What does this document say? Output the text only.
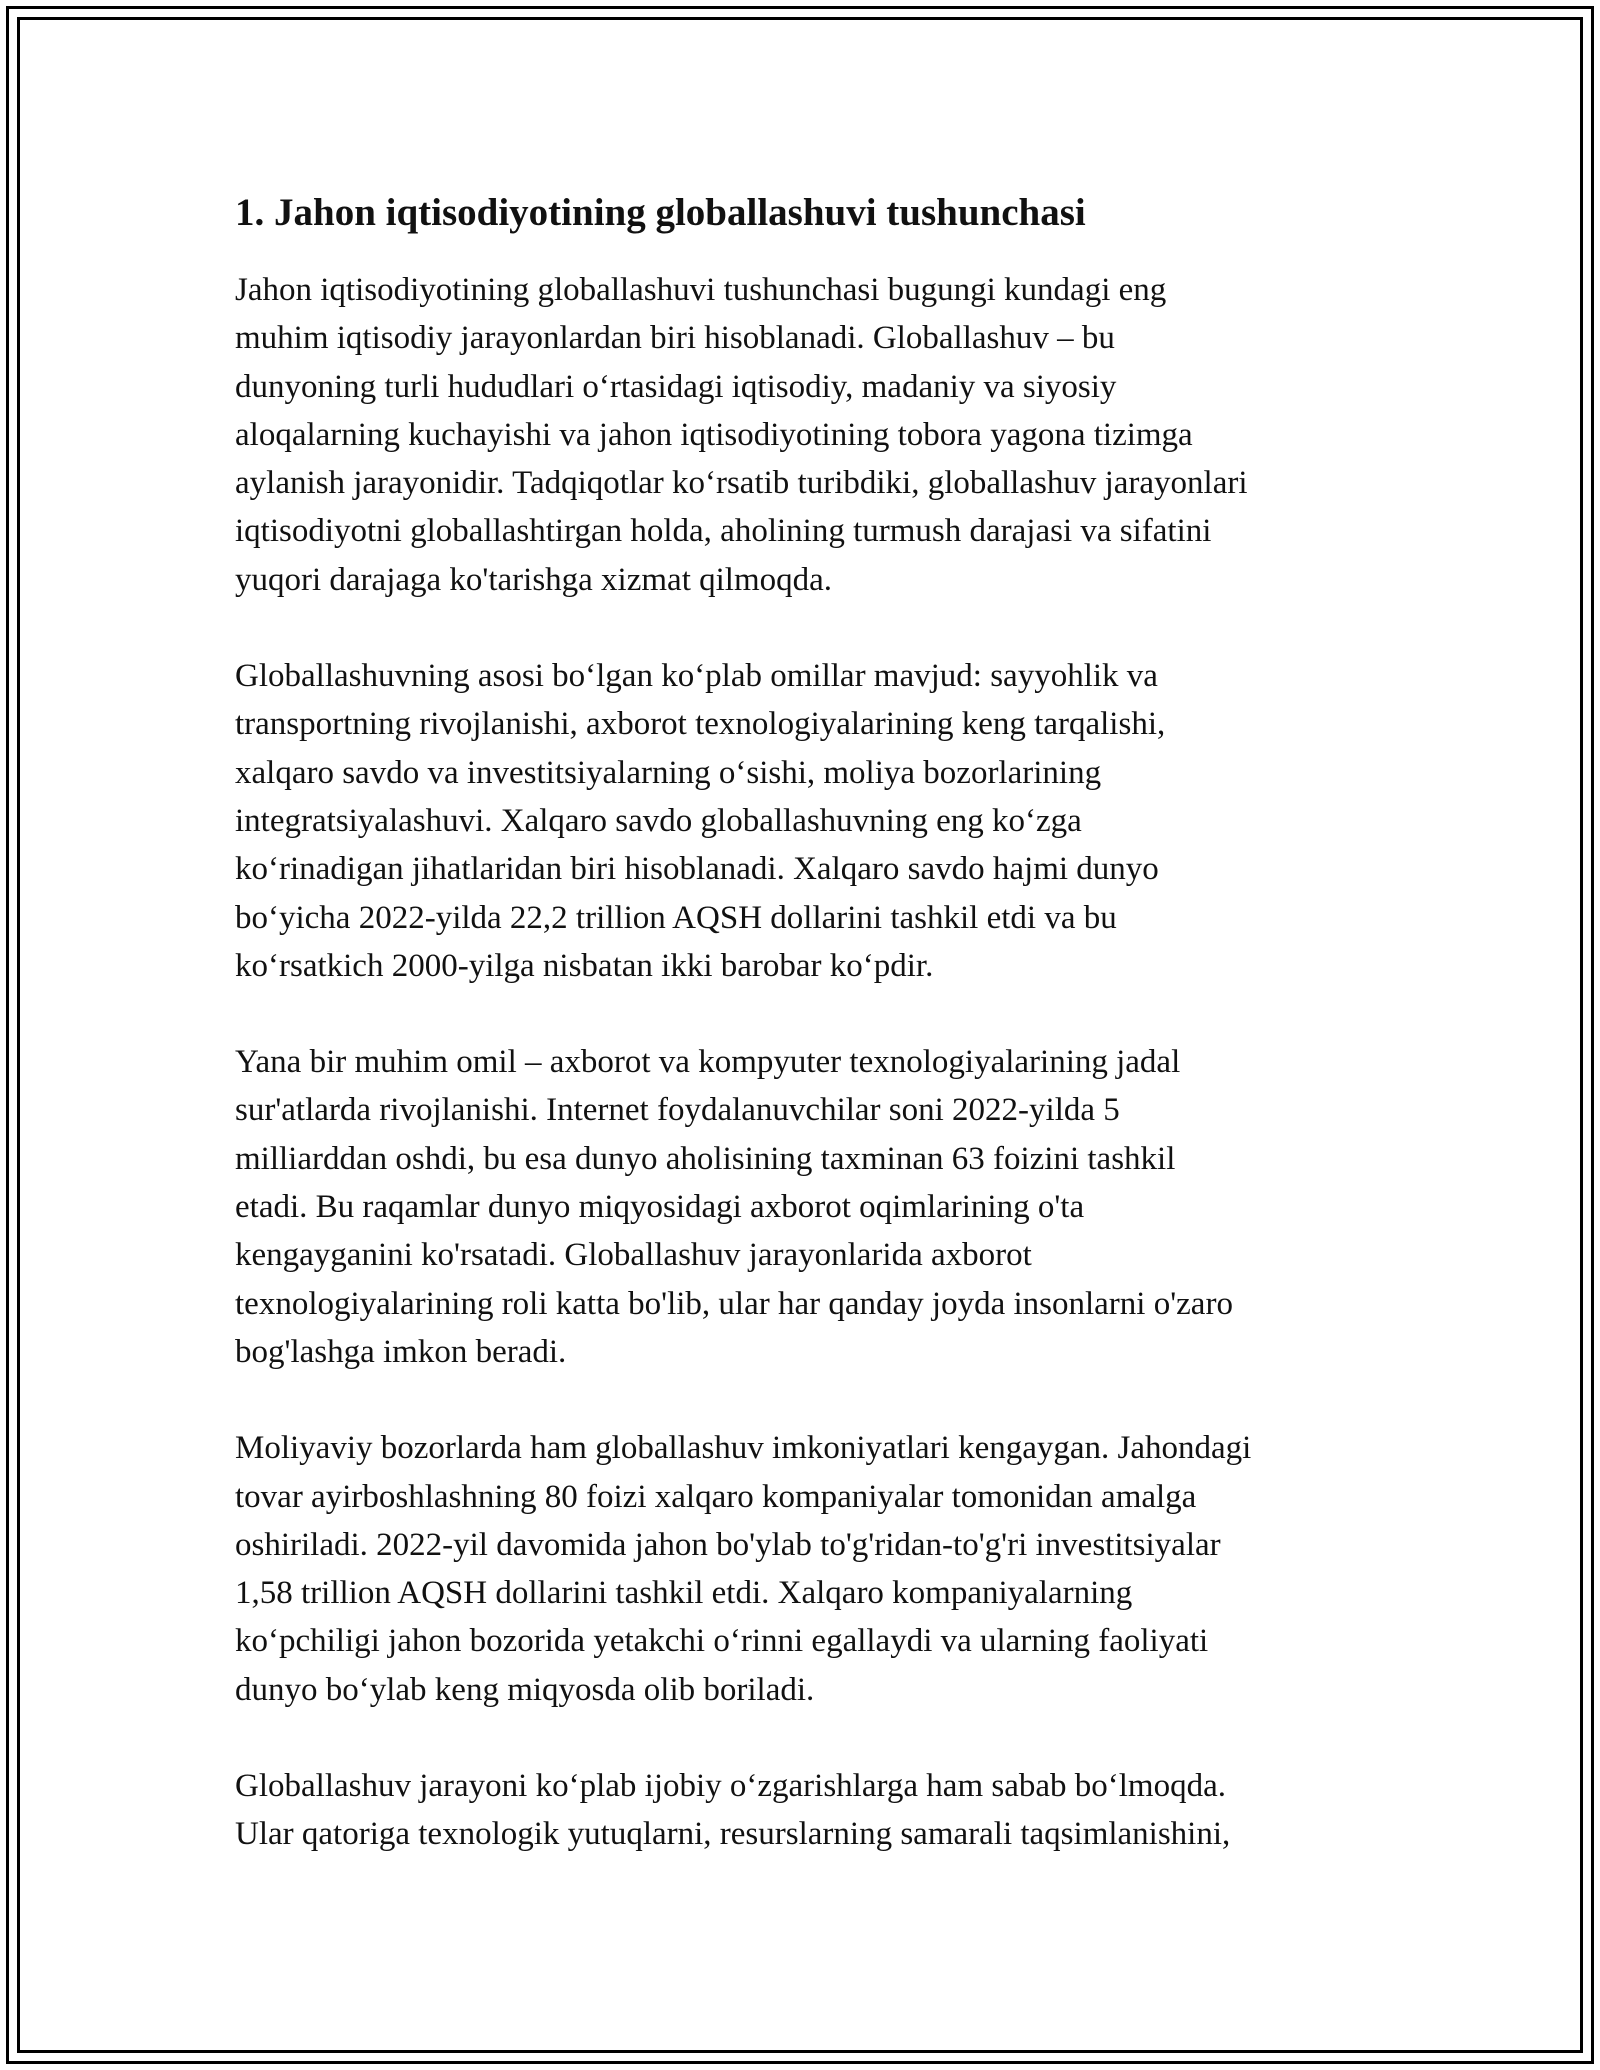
1. Jahon iqtisodiyotining globallashuvi tushunchasi

Jahon iqtisodiyotining globallashuvi tushunchasi bugungi kundagi eng
muhim iqtisodiy jarayonlardan biri hisoblanadi. Globallashuv – bu
dunyoning turli hududlari o‘rtasidagi iqtisodiy, madaniy va siyosiy
aloqalarning kuchayishi va jahon iqtisodiyotining tobora yagona tizimga
aylanish jarayonidir. Tadqiqotlar ko‘rsatib turibdiki, globallashuv jarayonlari
iqtisodiyotni globallashtirgan holda, aholining turmush darajasi va sifatini
yuqori darajaga ko'tarishga xizmat qilmoqda.

Globallashuvning asosi bo‘lgan ko‘plab omillar mavjud: sayyohlik va
transportning rivojlanishi, axborot texnologiyalarining keng tarqalishi,
xalqaro savdo va investitsiyalarning o‘sishi, moliya bozorlarining
integratsiyalashuvi. Xalqaro savdo globallashuvning eng ko‘zga
ko‘rinadigan jihatlaridan biri hisoblanadi. Xalqaro savdo hajmi dunyo
bo‘yicha 2022-yilda 22,2 trillion AQSH dollarini tashkil etdi va bu
ko‘rsatkich 2000-yilga nisbatan ikki barobar ko‘pdir.

Yana bir muhim omil – axborot va kompyuter texnologiyalarining jadal
sur'atlarda rivojlanishi. Internet foydalanuvchilar soni 2022-yilda 5
milliarddan oshdi, bu esa dunyo aholisining taxminan 63 foizini tashkil
etadi. Bu raqamlar dunyo miqyosidagi axborot oqimlarining o'ta
kengayganini ko'rsatadi. Globallashuv jarayonlarida axborot
texnologiyalarining roli katta bo'lib, ular har qanday joyda insonlarni o'zaro
bog'lashga imkon beradi.

Moliyaviy bozorlarda ham globallashuv imkoniyatlari kengaygan. Jahondagi
tovar ayirboshlashning 80 foizi xalqaro kompaniyalar tomonidan amalga
oshiriladi. 2022-yil davomida jahon bo'ylab to'g'ridan-to'g'ri investitsiyalar
1,58 trillion AQSH dollarini tashkil etdi. Xalqaro kompaniyalarning
ko‘pchiligi jahon bozorida yetakchi o‘rinni egallaydi va ularning faoliyati
dunyo bo‘ylab keng miqyosda olib boriladi.

Globallashuv jarayoni ko‘plab ijobiy o‘zgarishlarga ham sabab bo‘lmoqda.
Ular qatoriga texnologik yutuqlarni, resurslarning samarali taqsimlanishini,
